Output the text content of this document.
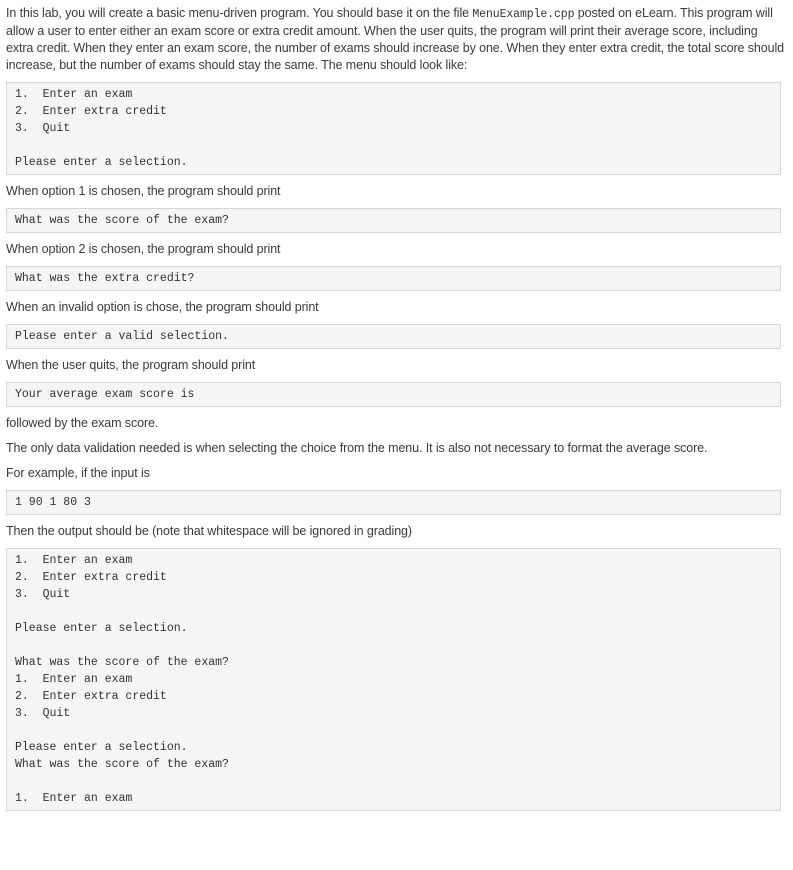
In this lab, you will create a basic menu-driven program. You should base it on the file MenuExample.cpp posted on eLearn. This program will allow a user to enter either an exam score or extra credit amount. When the user quits, the program will print their average score, including extra credit. When they enter an exam score, the number of exams should increase by one. When they enter extra credit, the total score should increase, but the number of exams should stay the same. The menu should look like:

1.  Enter an exam
2.  Enter extra credit
3.  Quit
Please enter a selection.

When option 1 is chosen, the program should print

What was the score of the exam?

When option 2 is chosen, the program should print

What was the extra credit?

When an invalid option is chose, the program should print

Please enter a valid selection.

When the user quits, the program should print

Your average exam score is

followed by the exam score.

The only data validation needed is when selecting the choice from the menu. It is also not necessary to format the average score.

For example, if the input is

1 90 1 80 3

Then the output should be (note that whitespace will be ignored in grading)

1.  Enter an exam
2.  Enter extra credit
3.  Quit
Please enter a selection.
What was the score of the exam?
1.  Enter an exam
2.  Enter extra credit
3.  Quit
Please enter a selection.
What was the score of the exam?
1.  Enter an exam
